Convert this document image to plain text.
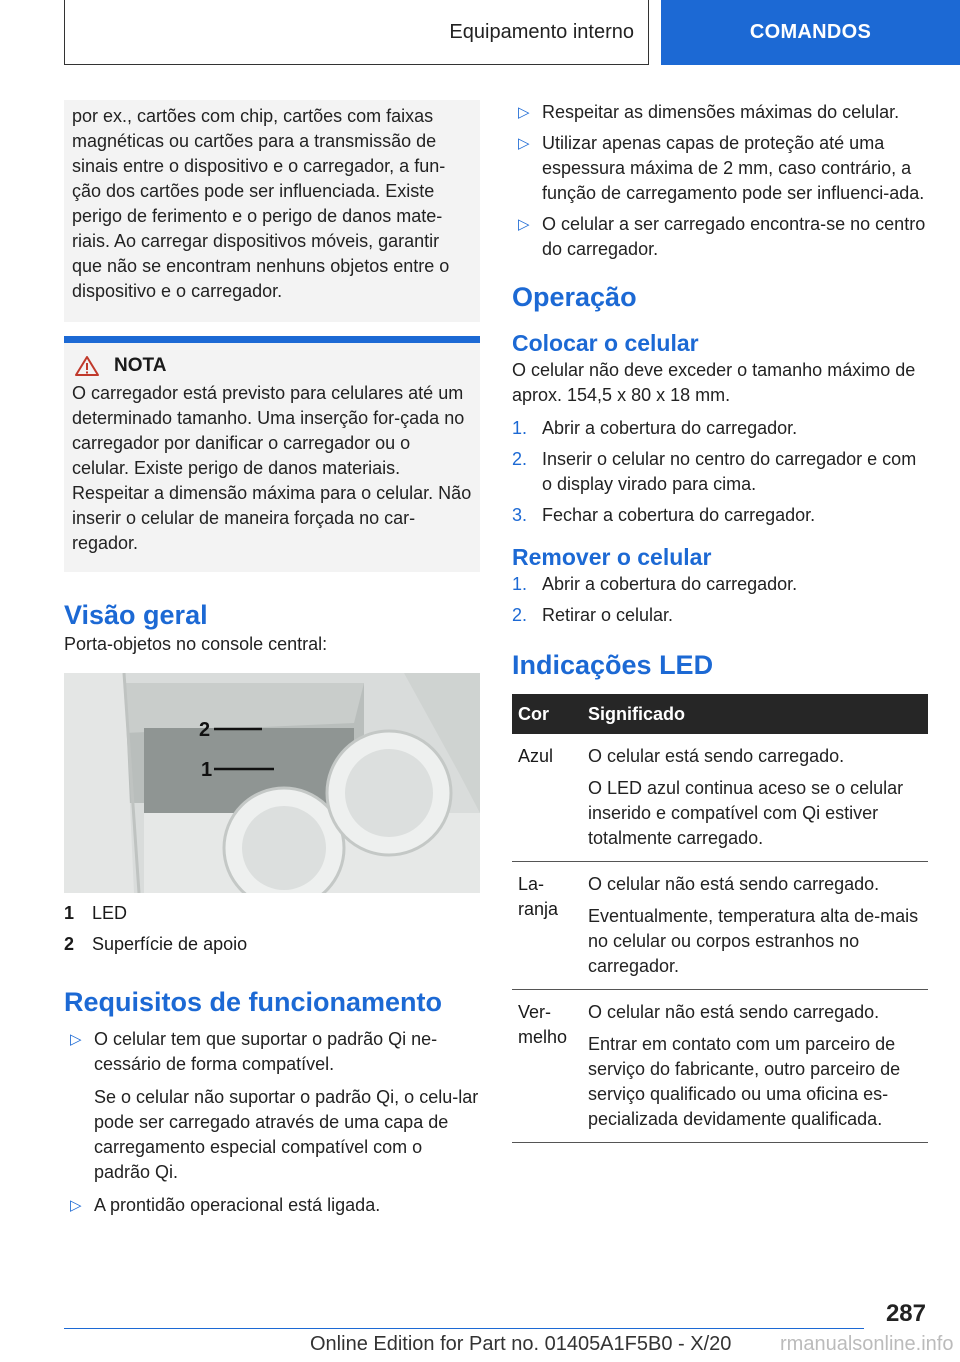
Equipamento interno	COMANDOS

por ex., cartões com chip, cartões com faixas magnéticas ou cartões para a transmissão de sinais entre o dispositivo e o carregador, a fun-ção dos cartões pode ser influenciada. Existe perigo de ferimento e o perigo de danos mate-riais. Ao carregar dispositivos móveis, garantir que não se encontram nenhuns objetos entre o dispositivo e o carregador.

NOTA

O carregador está previsto para celulares até um determinado tamanho. Uma inserção for-çada no carregador por danificar o carregador ou o celular. Existe perigo de danos materiais. Respeitar a dimensão máxima para o celular. Não inserir o celular de maneira forçada no car-regador.

Visão geral

Porta-objetos no console central:

2
1
1 LED
2 Superfície de apoio
Requisitos de funcionamento
▷ O celular tem que suportar o padrão Qi ne-cessário de forma compatível.

Se o celular não suportar o padrão Qi, o celu-lar pode ser carregado através de uma capa de carregamento especial compatível com o padrão Qi.

▷ A prontidão operacional está ligada.

▷ Respeitar as dimensões máximas do celular.

▷ Utilizar apenas capas de proteção até uma espessura máxima de 2 mm, caso contrário, a função de carregamento pode ser influenci-ada.

▷ O celular a ser carregado encontra-se no centro do carregador.

Operação
Colocar o celular

O celular não deve exceder o tamanho máximo de aprox. 154,5 x 80 x 18 mm.

1. Abrir a cobertura do carregador.
2. Inserir o celular no centro do carregador e com o display virado para cima.
3. Fechar a cobertura do carregador.
Remover o celular
1. Abrir a cobertura do carregador.
2. Retirar o celular.
Indicações LED
Cor	Significado
Azul	O celular está sendo carregado.

O LED azul continua aceso se o celular inserido e compatível com Qi estiver totalmente carregado.

La-ranja	O celular não está sendo carregado.

Eventualmente, temperatura alta de-mais no celular ou corpos estranhos no carregador.

Ver-melho	O celular não está sendo carregado.

Entrar em contato com um parceiro de serviço do fabricante, outro parceiro de serviço qualificado ou uma oficina es-pecializada devidamente qualificada.

287
Online Edition for Part no. 01405A1F5B0 - X/20 rmanualsonline.info
